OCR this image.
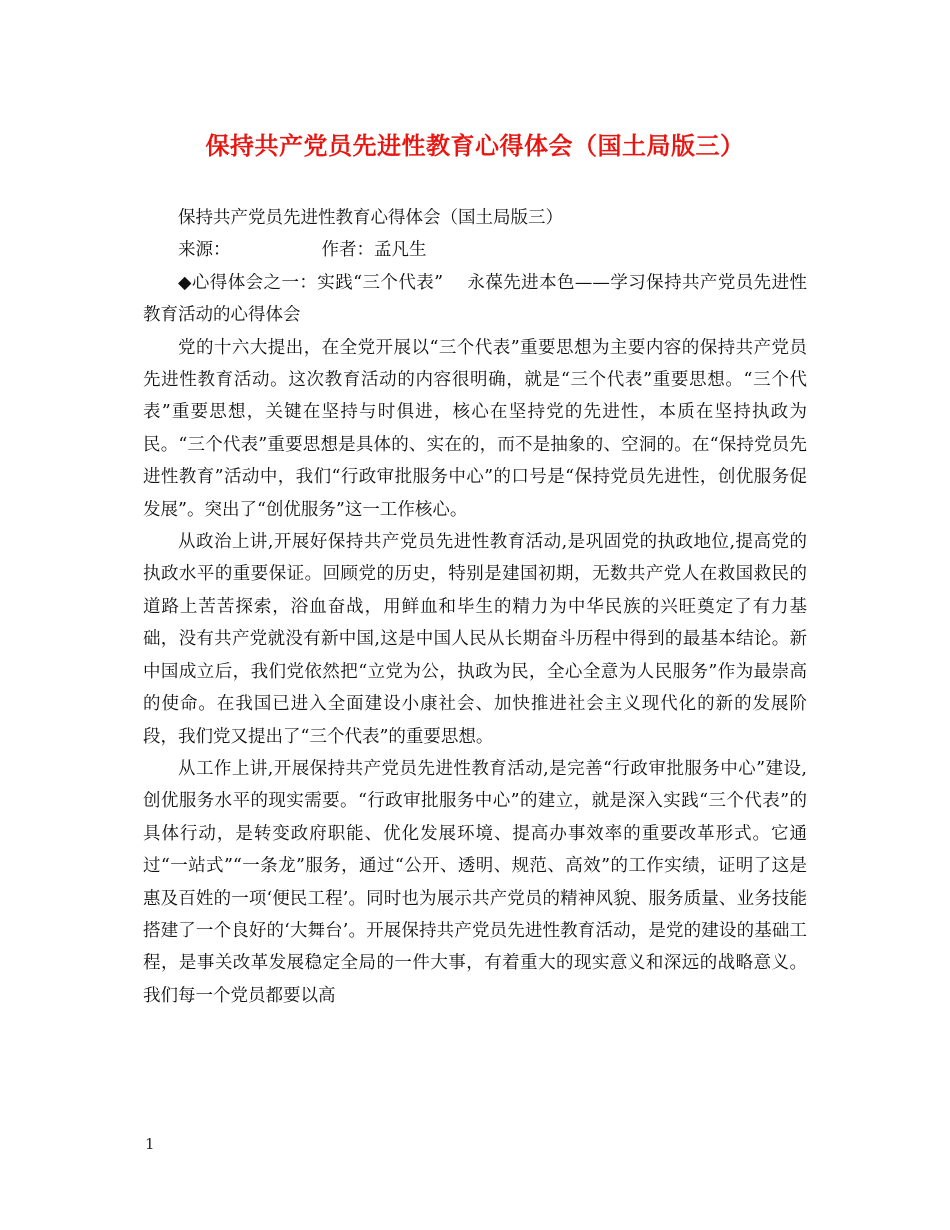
保持共产党员先进性教育心得体会（国土局版三）

保持共产党员先进性教育心得体会（国土局版三）

来源：	作者：孟凡生

◆心得体会之一：实践“三个代表”　 永葆先进本色——学习保持共产党员先进性教育活动的心得体会

党的十六大提出，在全党开展以“三个代表”重要思想为主要内容的保持共产党员先进性教育活动。这次教育活动的内容很明确，就是“三个代表”重要思想。“三个代表”重要思想，关键在坚持与时俱进，核心在坚持党的先进性，本质在坚持执政为民。“三个代表”重要思想是具体的、实在的，而不是抽象的、空洞的。在“保持党员先进性教育”活动中，我们“行政审批服务中心”的口号是“保持党员先进性，创优服务促发展”。突出了“创优服务”这一工作核心。

从政治上讲,开展好保持共产党员先进性教育活动,是巩固党的执政地位,提高党的执政水平的重要保证。回顾党的历史，特别是建国初期，无数共产党人在救国救民的道路上苦苦探索，浴血奋战，用鲜血和毕生的精力为中华民族的兴旺奠定了有力基础，没有共产党就没有新中国,这是中国人民从长期奋斗历程中得到的最基本结论。新中国成立后，我们党依然把“立党为公，执政为民，全心全意为人民服务”作为最崇高的使命。在我国已进入全面建设小康社会、加快推进社会主义现代化的新的发展阶段，我们党又提出了“三个代表”的重要思想。

从工作上讲,开展保持共产党员先进性教育活动,是完善“行政审批服务中心”建设,创优服务水平的现实需要。“行政审批服务中心”的建立，就是深入实践“三个代表”的具体行动，是转变政府职能、优化发展环境、提高办事效率的重要改革形式。它通过“一站式”“一条龙”服务，通过“公开、透明、规范、高效”的工作实绩，证明了这是惠及百姓的一项‘便民工程’。同时也为展示共产党员的精神风貌、服务质量、业务技能搭建了一个良好的‘大舞台’。开展保持共产党员先进性教育活动，是党的建设的基础工程，是事关改革发展稳定全局的一件大事，有着重大的现实意义和深远的战略意义。我们每一个党员都要以高

1
